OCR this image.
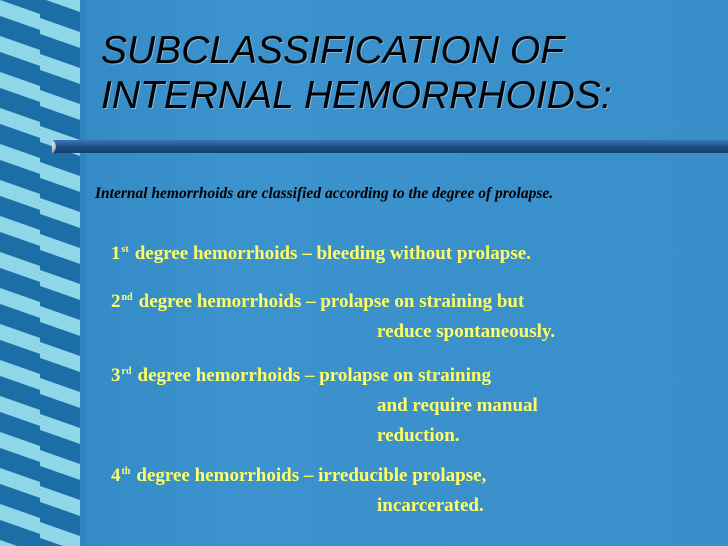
SUBCLASSIFICATION OF
INTERNAL HEMORRHOIDS:
Internal hemorrhoids are classified according to the degree of prolapse.
1st degree hemorrhoids – bleeding without prolapse.
2nd degree hemorrhoids – prolapse on straining but
reduce spontaneously.
3rd degree hemorrhoids – prolapse on straining
and require manual
reduction.
4th degree hemorrhoids – irreducible prolapse,
incarcerated.
